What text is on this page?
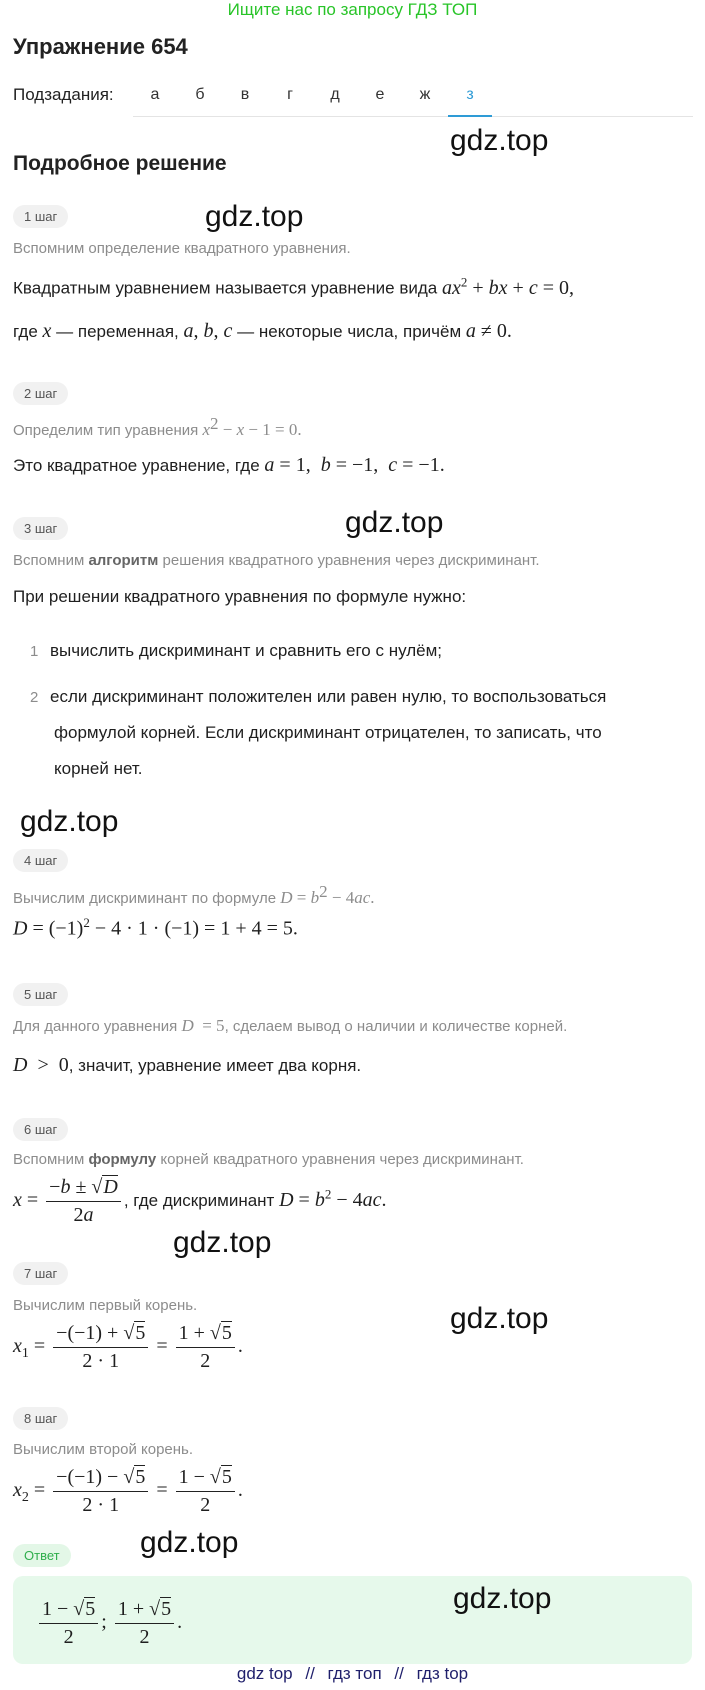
Ищите нас по запросу ГДЗ ТОП
Упражнение 654
Подзадания:	а	б	в	г	д	е	ж	з
gdz.top
Подробное решение
1 шаг	gdz.top
Вспомним определение квадратного уравнения.
Квадратным уравнением называется уравнение вида $ax^2$ + bx + c = 0,
где x — переменная, a, b, c — некоторые числа, причём a ≠ 0.
2 шаг
Определим тип уравнения $x^2 - x - 1 = 0$.
Это квадратное уравнение, где a = 1,  b = −1,  c = −1.
3 шаг	gdz.top
Вспомним алгоритм решения квадратного уравнения через дискриминант.
При решении квадратного уравнения по формуле нужно:
1 вычислить дискриминант и сравнить его с нулём;
2 если дискриминант положителен или равен нулю, то воспользоваться
формулой корней. Если дискриминант отрицателен, то записать, что
корней нет.
gdz.top
4 шаг
Вычислим дискриминант по формуле $D = b^2 - 4ac$.
$D = (-1)^2 - 4 \cdot 1 \cdot (-1) = 1 + 4 = 5$.
5 шаг
Для данного уравнения D  = 5, сделаем вывод о наличии и количестве корней.
D  >  0, значит, уравнение имеет два корня.
6 шаг
Вспомним формулу корней квадратного уравнения через дискриминант.
$x = \frac{-b \pm √D}{2a}$ , где дискриминант $D = b^2 - 4ac$.
gdz.top
7 шаг
gdz.top
Вычислим первый корень.
$x_1 = \frac{-(-1) + √5}{2 \cdot 1} = \frac{1 + √5}{2}$ .
8 шаг
Вычислим второй корень.
$x_2 = \frac{-(-1) - √5}{2 \cdot 1} = \frac{1 - √5}{2}$ .
gdz.top
Ответ
$\frac{1 - √5}{2}$ ; $\frac{1 + √5}{2}$ .
gdz.top
gdz top // гдз топ // гдз top
